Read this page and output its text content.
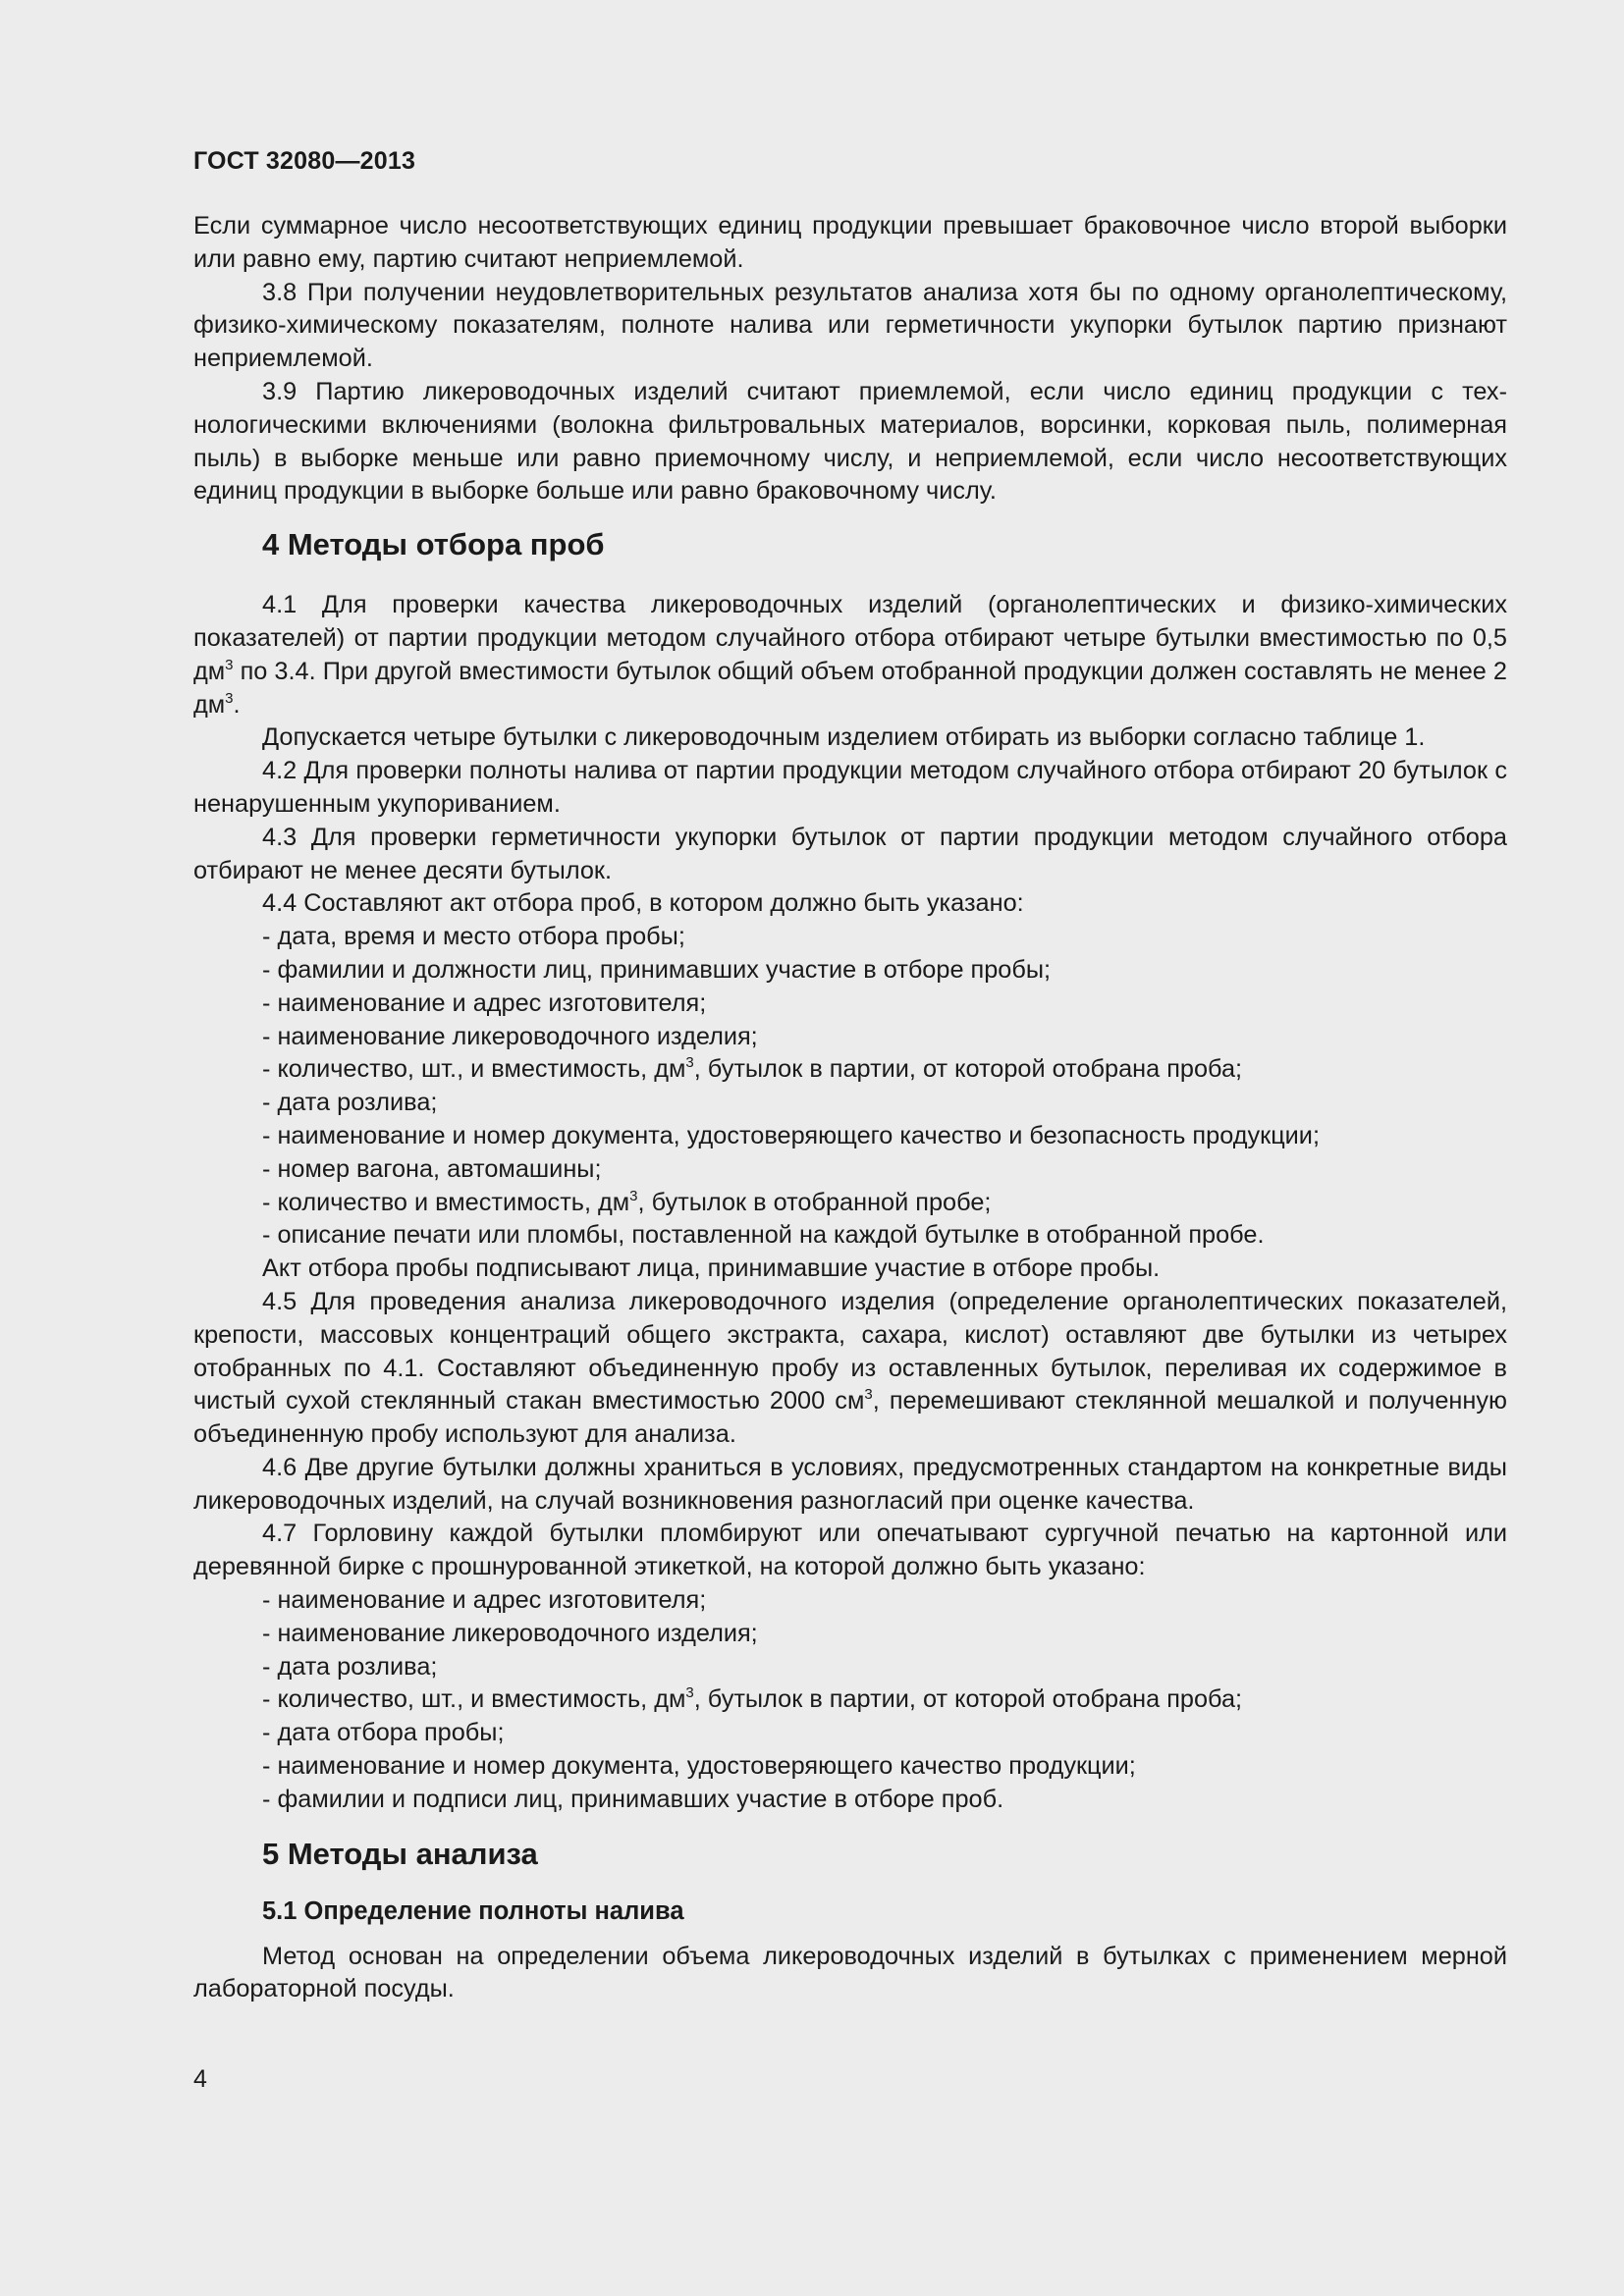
ГОСТ 32080—2013

Если суммарное число несоответствующих единиц продукции превышает браковочное число второй выборки или равно ему, партию считают неприемлемой.

3.8 При получении неудовлетворительных результатов анализа хотя бы по одному органолептическому, физико-химическому показателям, полноте налива или герметичности укупорки бутылок партию признают неприемлемой.

3.9 Партию ликероводочных изделий считают приемлемой, если число единиц продукции с технологическими включениями (волокна фильтровальных материалов, ворсинки, корковая пыль, полимерная пыль) в выборке меньше или равно приемочному числу, и неприемлемой, если число несоответствующих единиц продукции в выборке больше или равно браковочному числу.

4 Методы отбора проб

4.1 Для проверки качества ликероводочных изделий (органолептических и физико-химических показателей) от партии продукции методом случайного отбора отбирают четыре бутылки вместимостью по 0,5 $дм^3$ по 3.4. При другой вместимости бутылок общий объем отобранной продукции должен составлять не менее 2 $дм^3$.

Допускается четыре бутылки с ликероводочным изделием отбирать из выборки согласно таблице 1.

4.2 Для проверки полноты налива от партии продукции методом случайного отбора отбирают 20 бутылок с ненарушенным укупориванием.

4.3 Для проверки герметичности укупорки бутылок от партии продукции методом случайного отбора отбирают не менее десяти бутылок.

4.4 Составляют акт отбора проб, в котором должно быть указано:

- дата, время и место отбора пробы;

- фамилии и должности лиц, принимавших участие в отборе пробы;

- наименование и адрес изготовителя;

- наименование ликероводочного изделия;

- количество, шт., и вместимость, $дм^3$, бутылок в партии, от которой отобрана проба;

- дата розлива;

- наименование и номер документа, удостоверяющего качество и безопасность продукции;

- номер вагона, автомашины;

- количество и вместимость, $дм^3$, бутылок в отобранной пробе;

- описание печати или пломбы, поставленной на каждой бутылке в отобранной пробе.

Акт отбора пробы подписывают лица, принимавшие участие в отборе пробы.

4.5 Для проведения анализа ликероводочного изделия (определение органолептических показателей, крепости, массовых концентраций общего экстракта, сахара, кислот) оставляют две бутылки из четырех отобранных по 4.1. Составляют объединенную пробу из оставленных бутылок, переливая их содержимое в чистый сухой стеклянный стакан вместимостью 2000 $см^3$, перемешивают стеклянной мешалкой и полученную объединенную пробу используют для анализа.

4.6 Две другие бутылки должны храниться в условиях, предусмотренных стандартом на конкретные виды ликероводочных изделий, на случай возникновения разногласий при оценке качества.

4.7 Горловину каждой бутылки пломбируют или опечатывают сургучной печатью на картонной или деревянной бирке с прошнурованной этикеткой, на которой должно быть указано:

- наименование и адрес изготовителя;

- наименование ликероводочного изделия;

- дата розлива;

- количество, шт., и вместимость, $дм^3$, бутылок в партии, от которой отобрана проба;

- дата отбора пробы;

- наименование и номер документа, удостоверяющего качество продукции;

- фамилии и подписи лиц, принимавших участие в отборе проб.

5 Методы анализа
5.1 Определение полноты налива

Метод основан на определении объема ликероводочных изделий в бутылках с применением мерной лабораторной посуды.

4
